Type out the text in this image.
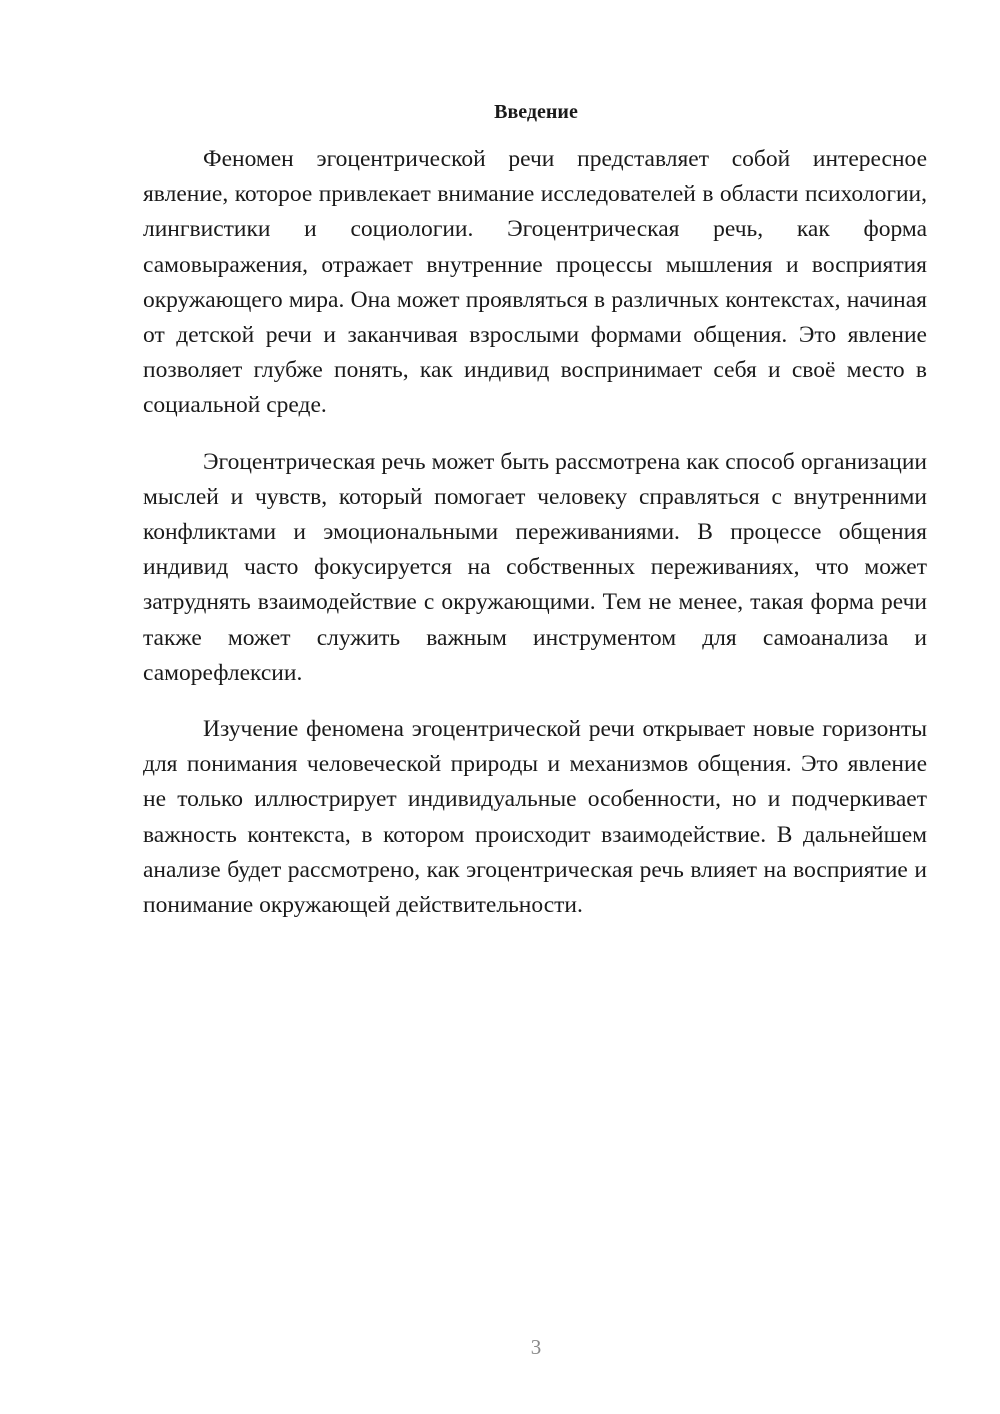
Введение

Феномен эгоцентрической речи представляет собой интересное явление, которое привлекает внимание исследователей в области психологии, лингвистики и социологии. Эгоцентрическая речь, как форма самовыражения, отражает внутренние процессы мышления и восприятия окружающего мира. Она может проявляться в различных контекстах, начиная от детской речи и заканчивая взрослыми формами общения. Это явление позволяет глубже понять, как индивид воспринимает себя и своё место в социальной среде.

Эгоцентрическая речь может быть рассмотрена как способ организации мыслей и чувств, который помогает человеку справляться с внутренними конфликтами и эмоциональными переживаниями. В процессе общения индивид часто фокусируется на собственных переживаниях, что может затруднять взаимодействие с окружающими. Тем не менее, такая форма речи также может служить важным инструментом для самоанализа и саморефлексии.

Изучение феномена эгоцентрической речи открывает новые горизонты для понимания человеческой природы и механизмов общения. Это явление не только иллюстрирует индивидуальные особенности, но и подчеркивает важность контекста, в котором происходит взаимодействие. В дальнейшем анализе будет рассмотрено, как эгоцентрическая речь влияет на восприятие и понимание окружающей действительности.

3
